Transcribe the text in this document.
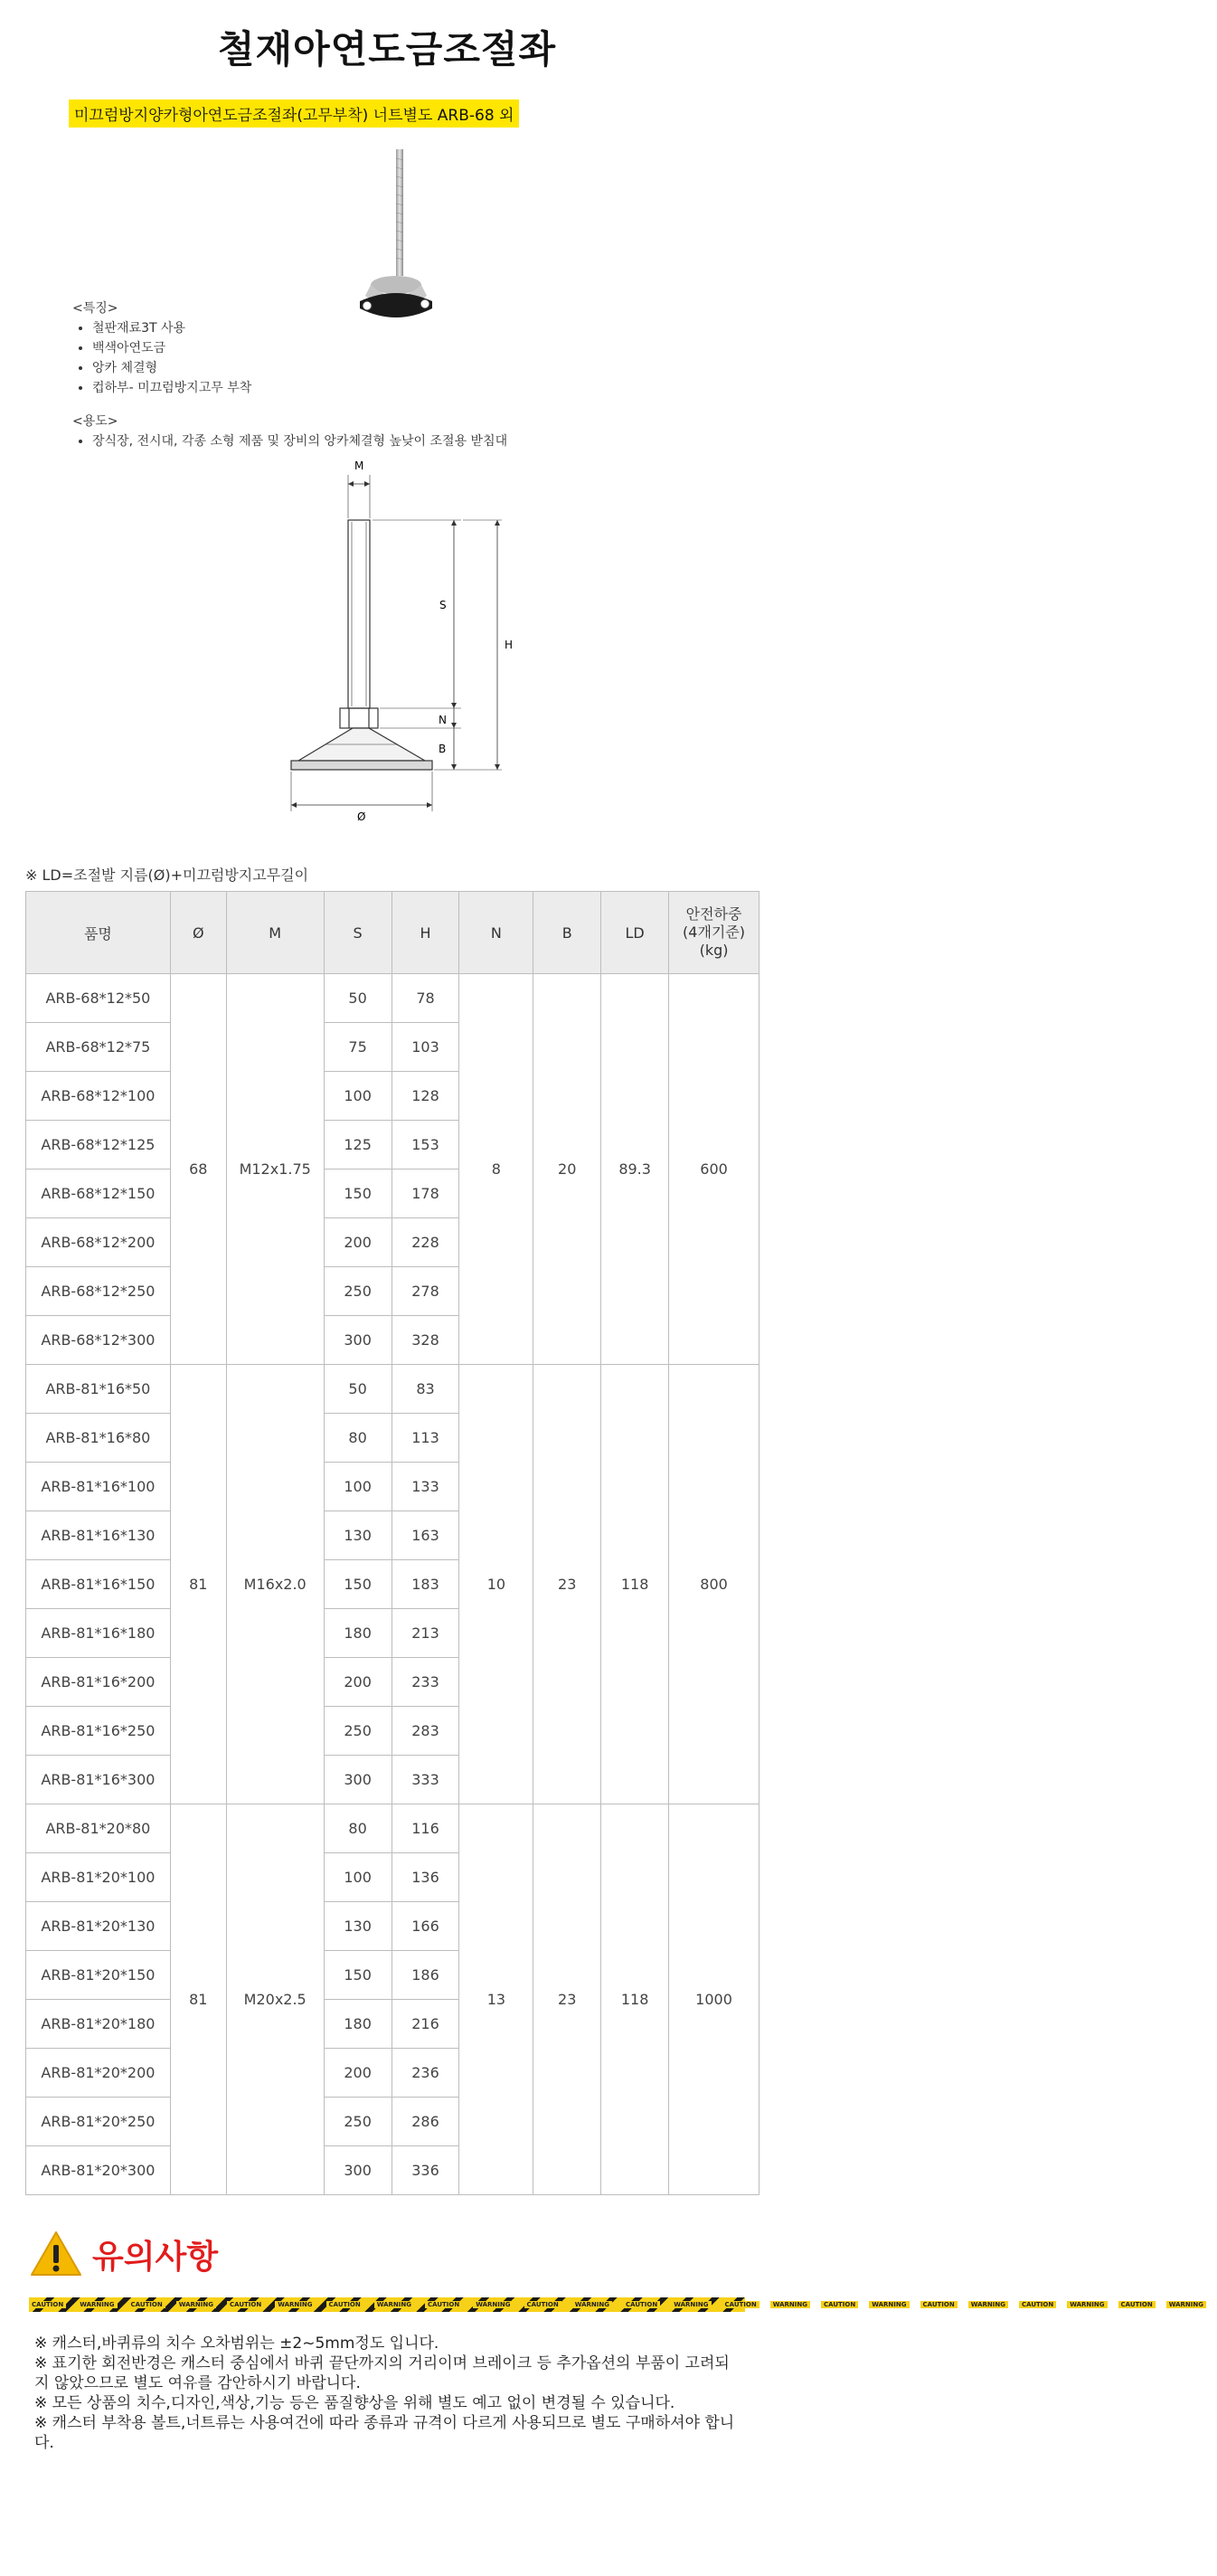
철재아연도금조절좌
미끄럼방지양카형아연도금조절좌(고무부착) 너트별도 ARB-68 외
<특징>
• 철판재료3T 사용
• 백색아연도금
• 앙카 체결형
• 컵하부- 미끄럼방지고무 부착
<용도>
• 장식장, 전시대, 각종 소형 제품 및 장비의 앙카체결형 높낮이 조절용 받침대
M
S
N
B
H
Ø
※ LD=조절발 지름(Ø)+미끄럼방지고무길이
품명	Ø	M	S	H	N	B	LD	안전하중
(4개기준)
(kg)

ARB-68*12*50	68	M12x1.75	50	78	8	20	89.3	600
ARB-68*12*75			75	103				
ARB-68*12*100			100	128				
ARB-68*12*125			125	153				
ARB-68*12*150			150	178				
ARB-68*12*200			200	228				
ARB-68*12*250			250	278				
ARB-68*12*300			300	328				
ARB-81*16*50	81	M16x2.0	50	83	10	23	118	800
ARB-81*16*80			80	113				
ARB-81*16*100			100	133				
ARB-81*16*130			130	163				
ARB-81*16*150			150	183				
ARB-81*16*180			180	213				
ARB-81*16*200			200	233				
ARB-81*16*250			250	283				
ARB-81*16*300			300	333				
ARB-81*20*80	81	M20x2.5	80	116	13	23	118	1000
ARB-81*20*100			100	136				
ARB-81*20*130			130	166				
ARB-81*20*150			150	186				
ARB-81*20*180			180	216				
ARB-81*20*200			200	236				
ARB-81*20*250			250	286				
ARB-81*20*300			300	336				
유의사항
CAUTION	WARNING	CAUTION	WARNING	CAUTION	WARNING	CAUTION	WARNING	CAUTION	WARNING	CAUTION	WARNING	CAUTION	WARNING	CAUTION	WARNING	CAUTION	WARNING	CAUTION	WARNING	CAUTION	WARNING	CAUTION	WARNING

※ 캐스터,바퀴류의 치수 오차범위는 ±2~5mm정도 입니다.

※ 표기한 회전반경은 캐스터 중심에서 바퀴 끝단까지의 거리이며 브레이크 등 추가옵션의 부품이 고려되지 않았으므로 별도 여유를 감안하시기 바랍니다.

※ 모든 상품의 치수,디자인,색상,기능 등은 품질향상을 위해 별도 예고 없이 변경될 수 있습니다.

※ 캐스터 부착용 볼트,너트류는 사용여건에 따라 종류과 규격이 다르게 사용되므로 별도 구매하셔야 합니다.
